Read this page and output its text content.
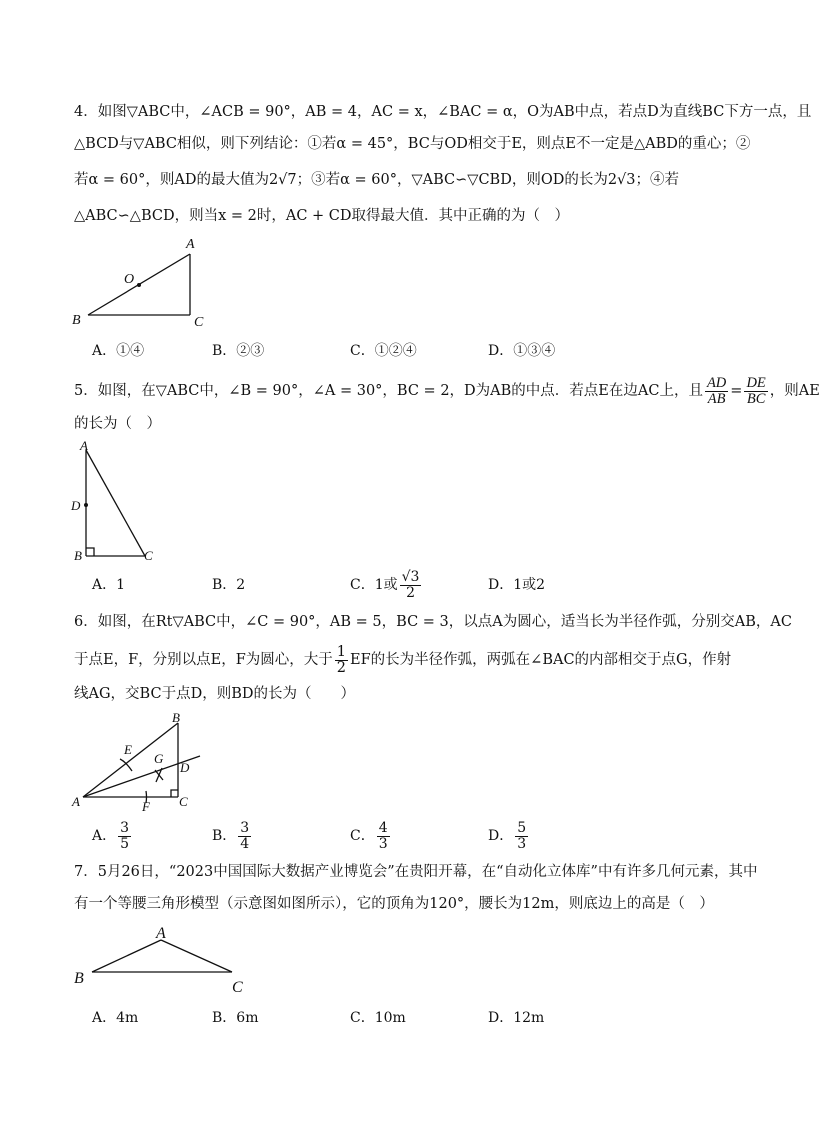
4．如图▽ABC中，∠ACB = 90°，AB = 4，AC = x，∠BAC = α，O为AB中点，若点D为直线BC下方一点，且
△BCD与▽ABC相似，则下列结论：①若α = 45°，BC与OD相交于E，则点E不一定是△ABD的重心；②
若α = 60°，则AD的最大值为2√7；③若α = 60°，▽ABC∽▽CBD，则OD的长为2√3；④若
△ABC∽△BCD，则当x = 2时，AC + CD取得最大值．其中正确的为（　）
A
O
B	C
A．①④	B．②③	C．①②④	D．①③④
5．如图，在▽ABC中，∠B = 90°，∠A = 30°，BC = 2，D为AB的中点．若点E在边AC上，且 $\frac{AD}{AB} = \frac{DE}{BC}$ ，则AE
的长为（　）
A
D
B	C
A．1	B．2	C．1或 $\frac{√3}{2}$	D．1或2
6．如图，在Rt▽ABC中，∠C = 90°，AB = 5，BC = 3，以点A为圆心，适当长为半径作弧，分别交AB，AC
于点E，F，分别以点E，F为圆心，大于 $\frac{1}{2}$ EF的长为半径作弧，两弧在∠BAC的内部相交于点G，作射
线AG，交BC于点D，则BD的长为（　　）
B
E
G
D
A	F C
A． $\frac{3}{5}$	B． $\frac{3}{4}$	C． $\frac{4}{3}$	D． $\frac{5}{3}$
7．5月26日，“2023中国国际大数据产业博览会”在贵阳开幕，在“自动化立体库”中有许多几何元素，其中
有一个等腰三角形模型（示意图如图所示），它的顶角为120°，腰长为12m，则底边上的高是（　）
A
B
C
A．4m	B．6m	C．10m	D．12m
